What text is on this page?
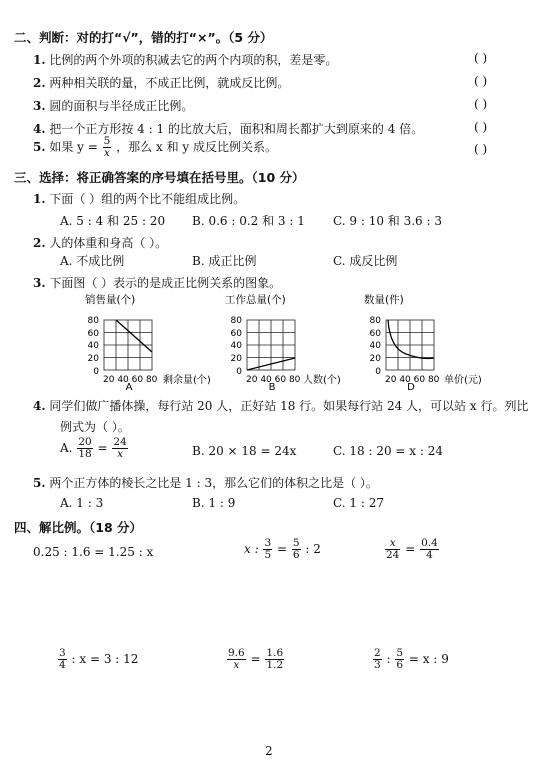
二、判断：对的打“√”，错的打“×”。（5 分）
1. 比例的两个外项的积减去它的两个内项的积，差是零。	( )
2. 两种相关联的量，不成正比例，就成反比例。	( )
3. 圆的面积与半径成正比例。	( )
4. 把一个正方形按 4 : 1 的比放大后，面积和周长都扩大到原来的 4 倍。	( )
5. 如果 $y = \frac{5}{x}$ ，那么 x 和 y 成反比例关系。	( )
三、选择：将正确答案的序号填在括号里。（10 分）
1. 下面（ ）组的两个比不能组成比例。
A. 5 : 4 和 25 : 20 B. 0.6 : 0.2 和 3 : 1 C. 9 : 10 和 3.6 : 3
2. 人的体重和身高（ ）。
A. 不成比例	B. 成正比例	C. 成反比例
3. 下面图（ ）表示的是成正比例关系的图象。
销售量(个)
80
60
40
20
0
20 40 60 80 剩余量(个)
A
工作总量(个)
80
60
40
20
0
20 40 60 80 人数(个)
B
数量(件)
80
60
40
20
0
20 40 60 80 单价(元)
D
4. 同学们做广播体操，每行站 20 人，正好站 18 行。如果每行站 24 人，可以站 x 行。列比
例式为（ ）。
A. $\frac{20}{18} = \frac{24}{x}$	B. 20 × 18 = 24x	C. 18 : 20 = x : 24
5. 两个正方体的棱长之比是 1 : 3，那么它们的体积之比是（ ）。
A. 1 : 3	B. 1 : 9	C. 1 : 27
四、解比例。（18 分）
0.25 : 1.6 = 1.25 : x	x : $\frac{3}{5} = \frac{5}{6}$ : 2	$\frac{x}{24} = \frac{0.4}{4}$
$\frac{3}{4}$ : x = 3 : 12	$\frac{9.6}{x} = \frac{1.6}{1.2}$	$\frac{2}{3}$ : $\frac{5}{6} = x$ : 9
2
